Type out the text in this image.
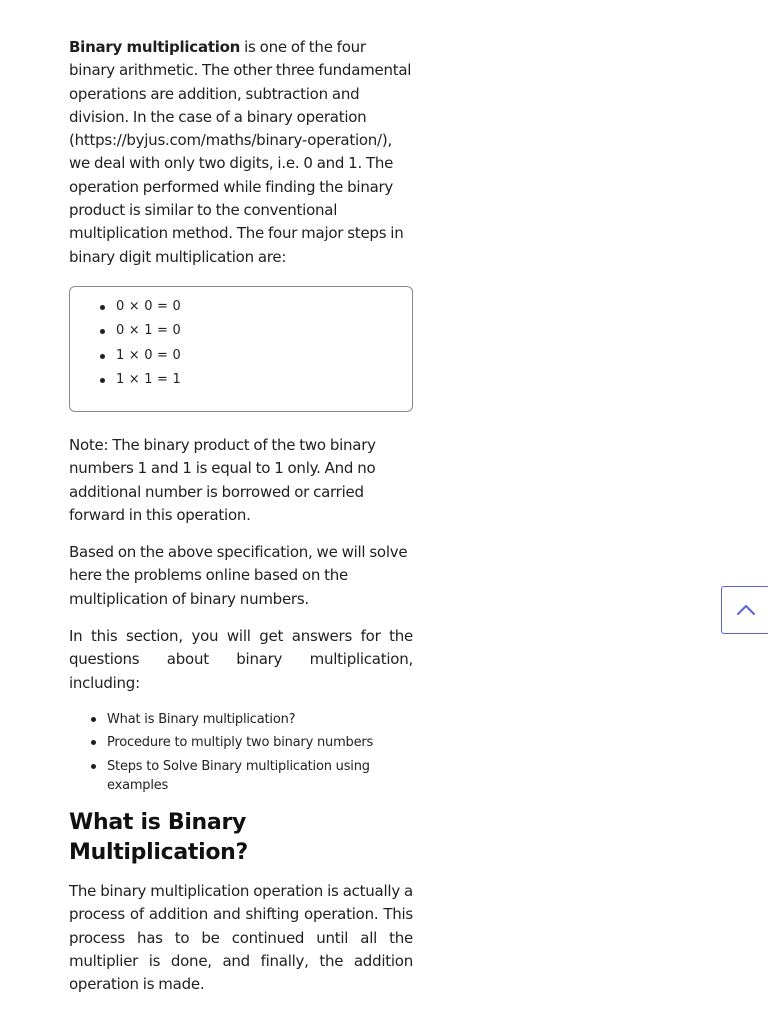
Binary multiplication is one of the four binary arithmetic. The other three fundamental operations are addition, subtraction and division. In the case of a binary operation (https://byjus.com/maths/binary-operation/), we deal with only two digits, i.e. 0 and 1. The operation performed while finding the binary product is similar to the conventional multiplication method. The four major steps in binary digit multiplication are:

0 × 0 = 0
0 × 1 = 0
1 × 0 = 0
1 × 1 = 1

Note: The binary product of the two binary numbers 1 and 1 is equal to 1 only. And no additional number is borrowed or carried forward in this operation.

Based on the above specification, we will solve here the problems online based on the multiplication of binary numbers.

In this section, you will get answers for the questions about binary multiplication, including:

What is Binary multiplication?
Procedure to multiply two binary numbers
Steps to Solve Binary multiplication using examples
What is Binary Multiplication?

The binary multiplication operation is actually a process of addition and shifting operation. This process has to be continued until all the multiplier is done, and finally, the addition operation is made.
